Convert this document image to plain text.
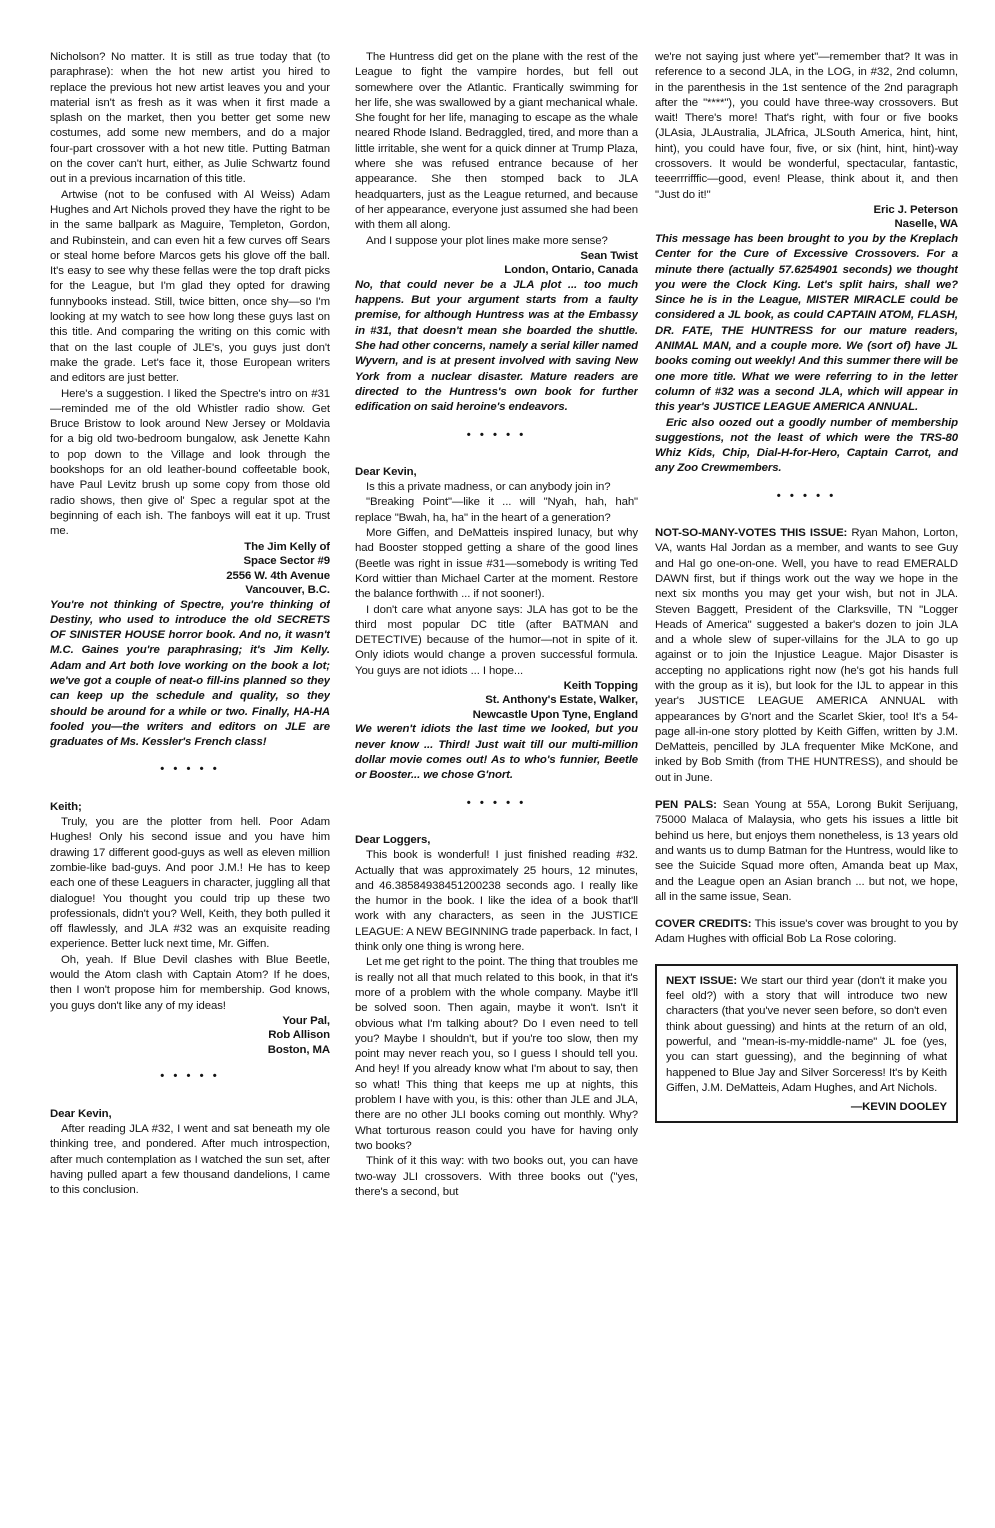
Nicholson? No matter. It is still as true today that (to paraphrase): when the hot new artist you hired to replace the previous hot new artist leaves you and your material isn't as fresh as it was when it first made a splash on the market, then you better get some new costumes, add some new members, and do a major four-part crossover with a hot new title. Putting Batman on the cover can't hurt, either, as Julie Schwartz found out in a previous incarnation of this title.

Artwise (not to be confused with Al Weiss) Adam Hughes and Art Nichols proved they have the right to be in the same ballpark as Maguire, Templeton, Gordon, and Rubinstein, and can even hit a few curves off Sears or steal home before Marcos gets his glove off the ball. It's easy to see why these fellas were the top draft picks for the League, but I'm glad they opted for drawing funnybooks instead. Still, twice bitten, once shy—so I'm looking at my watch to see how long these guys last on this title. And comparing the writing on this comic with that on the last couple of JLE's, you guys just don't make the grade. Let's face it, those European writers and editors are just better.

Here's a suggestion. I liked the Spectre's intro on #31—reminded me of the old Whistler radio show. Get Bruce Bristow to look around New Jersey or Moldavia for a big old two-bedroom bungalow, ask Jenette Kahn to pop down to the Village and look through the bookshops for an old leather-bound coffeetable book, have Paul Levitz brush up some copy from those old radio shows, then give ol' Spec a regular spot at the beginning of each ish. The fanboys will eat it up. Trust me.

The Jim Kelly of
Space Sector #9
2556 W. 4th Avenue
Vancouver, B.C.

You're not thinking of Spectre, you're thinking of Destiny, who used to introduce the old SECRETS OF SINISTER HOUSE horror book. And no, it wasn't M.C. Gaines you're paraphrasing; it's Jim Kelly. Adam and Art both love working on the book a lot; we've got a couple of neat-o fill-ins planned so they can keep up the schedule and quality, so they should be around for a while or two. Finally, HA-HA fooled you—the writers and editors on JLE are graduates of Ms. Kessler's French class!

• • • • •

Keith;

Truly, you are the plotter from hell. Poor Adam Hughes! Only his second issue and you have him drawing 17 different good-guys as well as eleven million zombie-like bad-guys. And poor J.M.! He has to keep each one of these Leaguers in character, juggling all that dialogue! You thought you could trip up these two professionals, didn't you? Well, Keith, they both pulled it off flawlessly, and JLA #32 was an exquisite reading experience. Better luck next time, Mr. Giffen.

Oh, yeah. If Blue Devil clashes with Blue Beetle, would the Atom clash with Captain Atom? If he does, then I won't propose him for membership. God knows, you guys don't like any of my ideas!

Your Pal,
Rob Allison
Boston, MA
• • • • •

Dear Kevin,

After reading JLA #32, I went and sat beneath my ole thinking tree, and pondered. After much introspection, after much contemplation as I watched the sun set, after having pulled apart a few thousand dandelions, I came to this conclusion.

The Huntress did get on the plane with the rest of the League to fight the vampire hordes, but fell out somewhere over the Atlantic. Frantically swimming for her life, she was swallowed by a giant mechanical whale. She fought for her life, managing to escape as the whale neared Rhode Island. Bedraggled, tired, and more than a little irritable, she went for a quick dinner at Trump Plaza, where she was refused entrance because of her appearance. She then stomped back to JLA headquarters, just as the League returned, and because of her appearance, everyone just assumed she had been with them all along.

And I suppose your plot lines make more sense?

Sean Twist
London, Ontario, Canada

No, that could never be a JLA plot ... too much happens. But your argument starts from a faulty premise, for although Huntress was at the Embassy in #31, that doesn't mean she boarded the shuttle. She had other concerns, namely a serial killer named Wyvern, and is at present involved with saving New York from a nuclear disaster. Mature readers are directed to the Huntress's own book for further edification on said heroine's endeavors.

• • • • •

Dear Kevin,

Is this a private madness, or can anybody join in?

"Breaking Point"—like it ... will "Nyah, hah, hah" replace "Bwah, ha, ha" in the heart of a generation?

More Giffen, and DeMatteis inspired lunacy, but why had Booster stopped getting a share of the good lines (Beetle was right in issue #31—somebody is writing Ted Kord wittier than Michael Carter at the moment. Restore the balance forthwith ... if not sooner!).

I don't care what anyone says: JLA has got to be the third most popular DC title (after BATMAN and DETECTIVE) because of the humor—not in spite of it. Only idiots would change a proven successful formula. You guys are not idiots ... I hope...

Keith Topping
St. Anthony's Estate, Walker,
Newcastle Upon Tyne, England

We weren't idiots the last time we looked, but you never know ... Third! Just wait till our multi-million dollar movie comes out! As to who's funnier, Beetle or Booster... we chose G'nort.

• • • • •

Dear Loggers,

This book is wonderful! I just finished reading #32. Actually that was approximately 25 hours, 12 minutes, and 46.38584938451200238 seconds ago. I really like the humor in the book. I like the idea of a book that'll work with any characters, as seen in the JUSTICE LEAGUE: A NEW BEGINNING trade paperback. In fact, I think only one thing is wrong here.

Let me get right to the point. The thing that troubles me is really not all that much related to this book, in that it's more of a problem with the whole company. Maybe it'll be solved soon. Then again, maybe it won't. Isn't it obvious what I'm talking about? Do I even need to tell you? Maybe I shouldn't, but if you're too slow, then my point may never reach you, so I guess I should tell you. And hey! If you already know what I'm about to say, then so what! This thing that keeps me up at nights, this problem I have with you, is this: other than JLE and JLA, there are no other JLI books coming out monthly. Why? What torturous reason could you have for having only two books?

Think of it this way: with two books out, you can have two-way JLI crossovers. With three books out ("yes, there's a second, but

we're not saying just where yet"—remember that? It was in reference to a second JLA, in the LOG, in #32, 2nd column, in the parenthesis in the 1st sentence of the 2nd paragraph after the "****"), you could have three-way crossovers. But wait! There's more! That's right, with four or five books (JLAsia, JLAustralia, JLAfrica, JLSouth America, hint, hint, hint), you could have four, five, or six (hint, hint, hint)-way crossovers. It would be wonderful, spectacular, fantastic, teeerrrifffic—good, even! Please, think about it, and then "Just do it!"

Eric J. Peterson
Naselle, WA

This message has been brought to you by the Kreplach Center for the Cure of Excessive Crossovers. For a minute there (actually 57.6254901 seconds) we thought you were the Clock King. Let's split hairs, shall we? Since he is in the League, MISTER MIRACLE could be considered a JL book, as could CAPTAIN ATOM, FLASH, DR. FATE, THE HUNTRESS for our mature readers, ANIMAL MAN, and a couple more. We (sort of) have JL books coming out weekly! And this summer there will be one more title. What we were referring to in the letter column of #32 was a second JLA, which will appear in this year's JUSTICE LEAGUE AMERICA ANNUAL.

Eric also oozed out a goodly number of membership suggestions, not the least of which were the TRS-80 Whiz Kids, Chip, Dial-H-for-Hero, Captain Carrot, and any Zoo Crewmembers.

• • • • •

NOT-SO-MANY-VOTES THIS ISSUE: Ryan Mahon, Lorton, VA, wants Hal Jordan as a member, and wants to see Guy and Hal go one-on-one. Well, you have to read EMERALD DAWN first, but if things work out the way we hope in the next six months you may get your wish, but not in JLA. Steven Baggett, President of the Clarksville, TN "Logger Heads of America" suggested a baker's dozen to join JLA and a whole slew of super-villains for the JLA to go up against or to join the Injustice League. Major Disaster is accepting no applications right now (he's got his hands full with the group as it is), but look for the IJL to appear in this year's JUSTICE LEAGUE AMERICA ANNUAL with appearances by G'nort and the Scarlet Skier, too! It's a 54-page all-in-one story plotted by Keith Giffen, written by J.M. DeMatteis, pencilled by JLA frequenter Mike McKone, and inked by Bob Smith (from THE HUNTRESS), and should be out in June.

PEN PALS: Sean Young at 55A, Lorong Bukit Serijuang, 75000 Malaca of Malaysia, who gets his issues a little bit behind us here, but enjoys them nonetheless, is 13 years old and wants us to dump Batman for the Huntress, would like to see the Suicide Squad more often, Amanda beat up Max, and the League open an Asian branch ... but not, we hope, all in the same issue, Sean.

COVER CREDITS: This issue's cover was brought to you by Adam Hughes with official Bob La Rose coloring.

NEXT ISSUE: We start our third year (don't it make you feel old?) with a story that will introduce two new characters (that you've never seen before, so don't even think about guessing) and hints at the return of an old, powerful, and "mean-is-my-middle-name" JL foe (yes, you can start guessing), and the beginning of what happened to Blue Jay and Silver Sorceress! It's by Keith Giffen, J.M. DeMatteis, Adam Hughes, and Art Nichols.

—KEVIN DOOLEY
